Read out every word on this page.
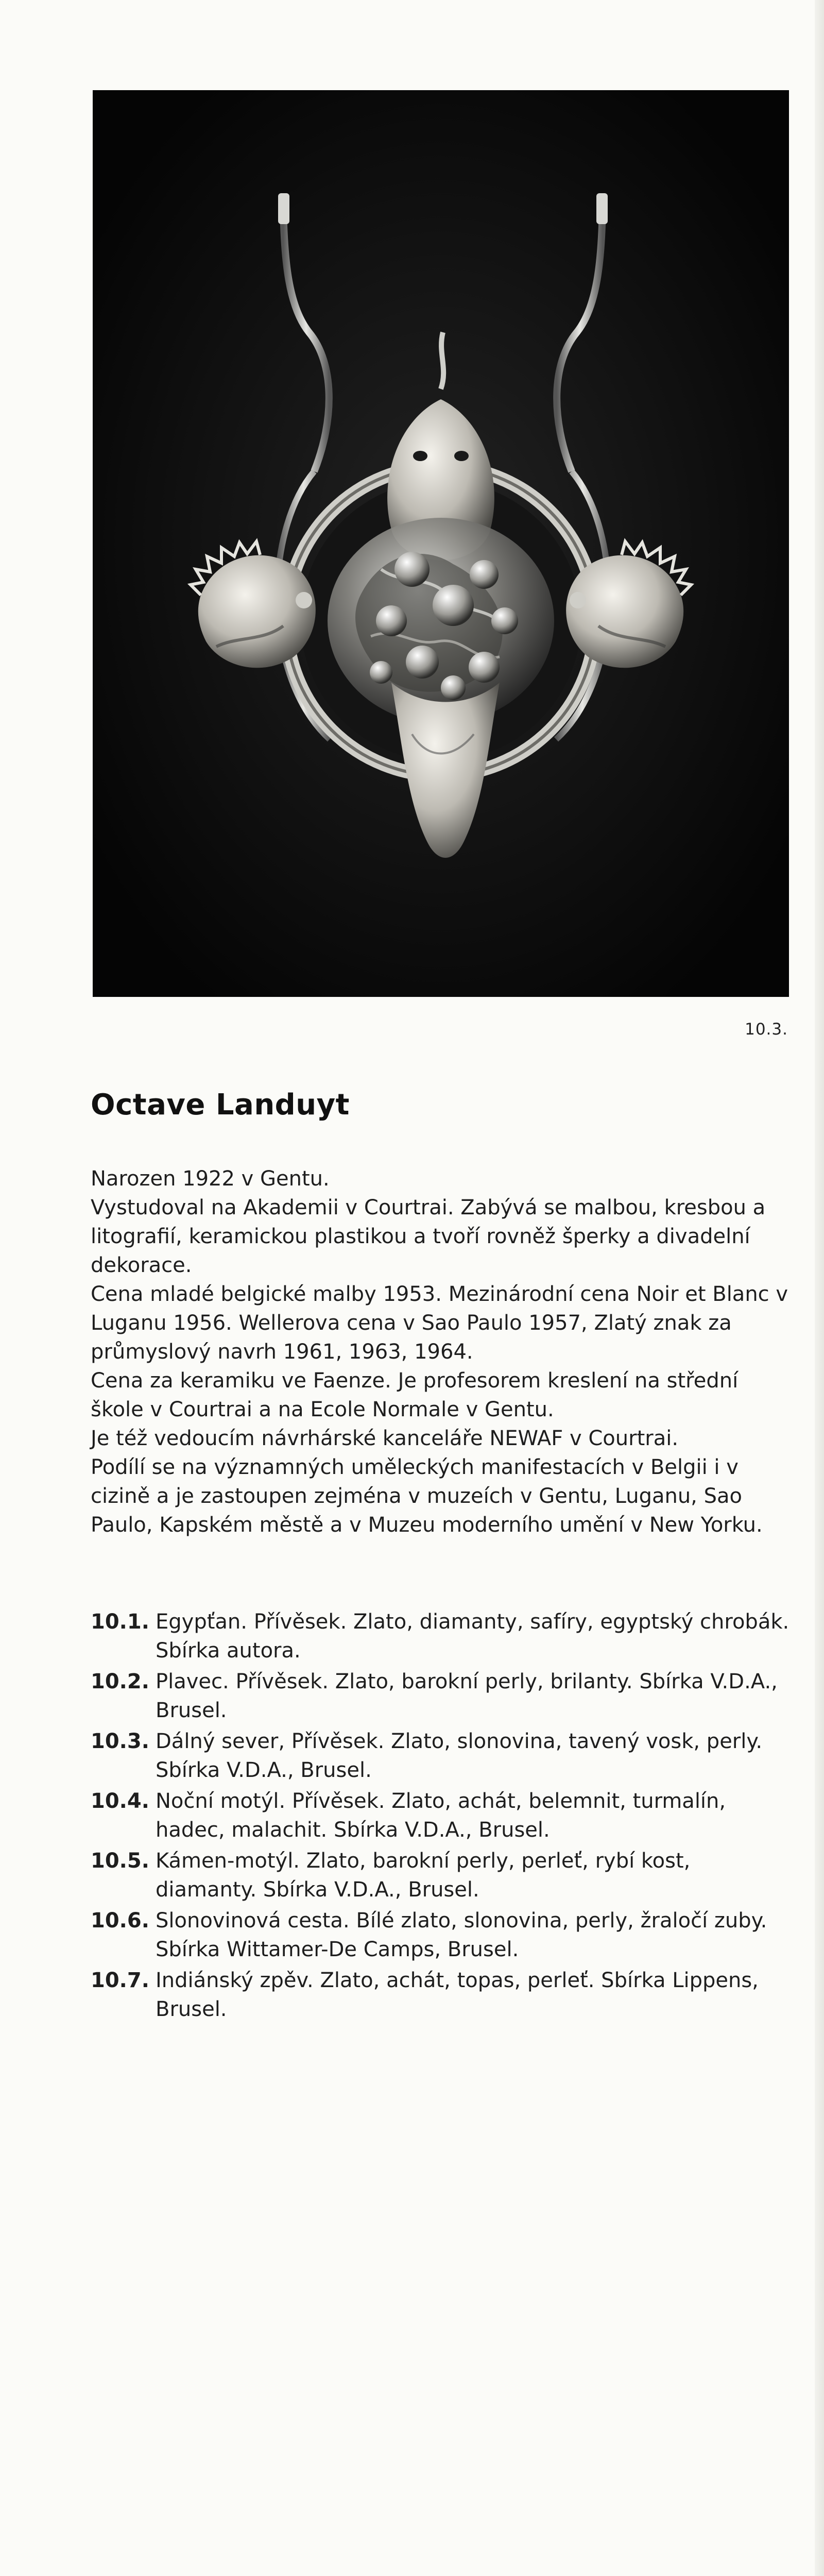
10.3.
Octave Landuyt

Narozen 1922 v Gentu.

Vystudoval na Akademii v Courtrai. Zabývá se malbou, kresbou a litografií, keramickou plastikou a tvoří rovněž šperky a divadelní dekorace.

Cena mladé belgické malby 1953. Mezinárodní cena Noir et Blanc v Luganu 1956. Wellerova cena v Sao Paulo 1957, Zlatý znak za průmyslový navrh 1961, 1963, 1964.

Cena za keramiku ve Faenze. Je profesorem kreslení na střední škole v Courtrai a na Ecole Normale v Gentu.

Je též vedoucím návrhárské kanceláře NEWAF v Courtrai.

Podílí se na významných uměleckých manifestacích v Belgii i v cizině a je zastoupen zejména v muzeích v Gentu, Luganu, Sao Paulo, Kapském městě a v Muzeu moderního umění v New Yorku.

10.1. Egypťan. Přívěsek. Zlato, diamanty, safíry, egyptský chrobák. Sbírka autora.
10.2. Plavec. Přívěsek. Zlato, barokní perly, brilanty. Sbírka V.D.A., Brusel.
10.3. Dálný sever, Přívěsek. Zlato, slonovina, tavený vosk, perly. Sbírka V.D.A., Brusel.
10.4. Noční motýl. Přívěsek. Zlato, achát, belemnit, turmalín, hadec, malachit. Sbírka V.D.A., Brusel.
10.5. Kámen-motýl. Zlato, barokní perly, perleť, rybí kost, diamanty. Sbírka V.D.A., Brusel.
10.6. Slonovinová cesta. Bílé zlato, slonovina, perly, žraločí zuby. Sbírka Wittamer-De Camps, Brusel.
10.7. Indiánský zpěv. Zlato, achát, topas, perleť. Sbírka Lippens, Brusel.
